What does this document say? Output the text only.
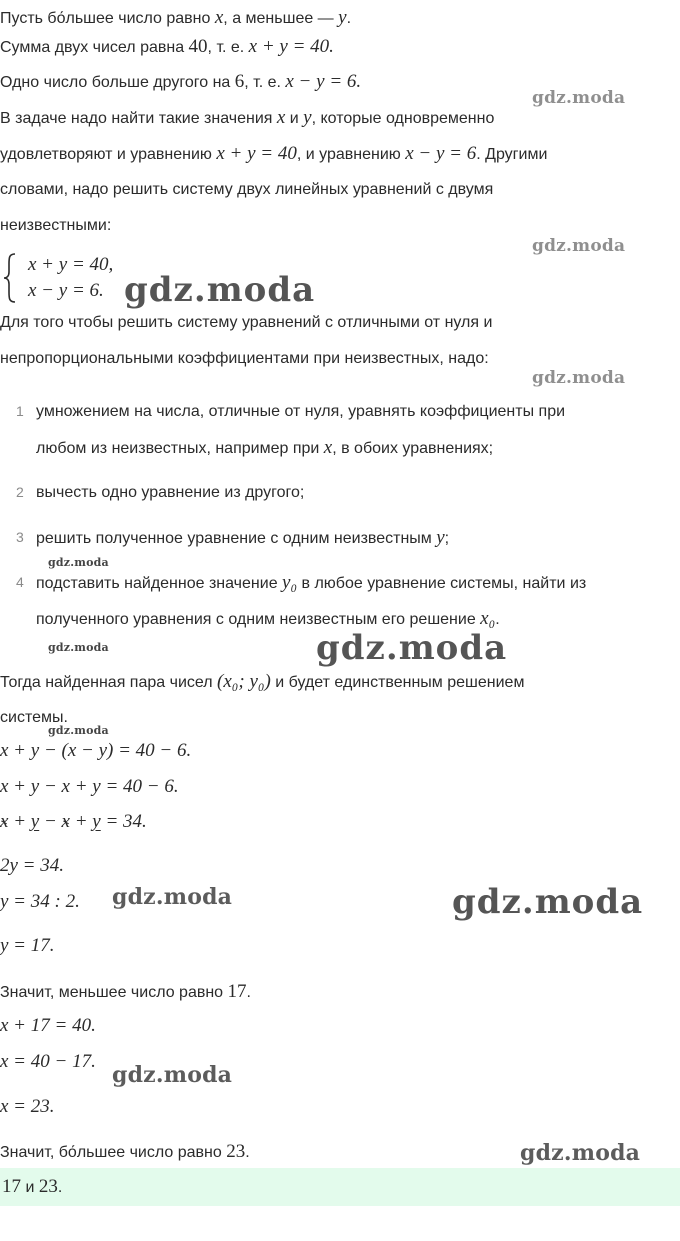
Пусть бо́льшее число равно x, а меньшее — y.
Сумма двух чисел равна 40, т. е. x + y = 40.
Одно число больше другого на 6, т. е. x − y = 6.
В задаче надо найти такие значения x и y, которые одновременно
удовлетворяют и уравнению x + y = 40, и уравнению x − y = 6. Другими
словами, надо решить систему двух линейных уравнений с двумя
неизвестными:
x + y = 40,
x − y = 6.
Для того чтобы решить систему уравнений с отличными от нуля и
непропорциональными коэффициентами при неизвестных, надо:
1 умножением на числа, отличные от нуля, уравнять коэффициенты при
любом из неизвестных, например при x, в обоих уравнениях;
2 вычесть одно уравнение из другого;
3 решить полученное уравнение с одним неизвестным y;
4 подставить найденное значение y₀ в любое уравнение системы, найти из
полученного уравнения с одним неизвестным его решение x₀.
Тогда найденная пара чисел (x₀; y₀) и будет единственным решением
системы.
x + y − (x − y) = 40 − 6.
x + y − x + y = 40 − 6.
x + y − x + y = 34.
2y = 34.
y = 34 : 2.
y = 17.
Значит, меньшее число равно 17.
x + 17 = 40.
x = 40 − 17.
x = 23.
Значит, бо́льшее число равно 23.
17 и 23.
gdz.moda
gdz.moda
gdz.moda
gdz.moda
gdz.moda
gdz.moda	gdz.moda
gdz.moda
gdz.moda	gdz.moda
gdz.moda
gdz.moda
